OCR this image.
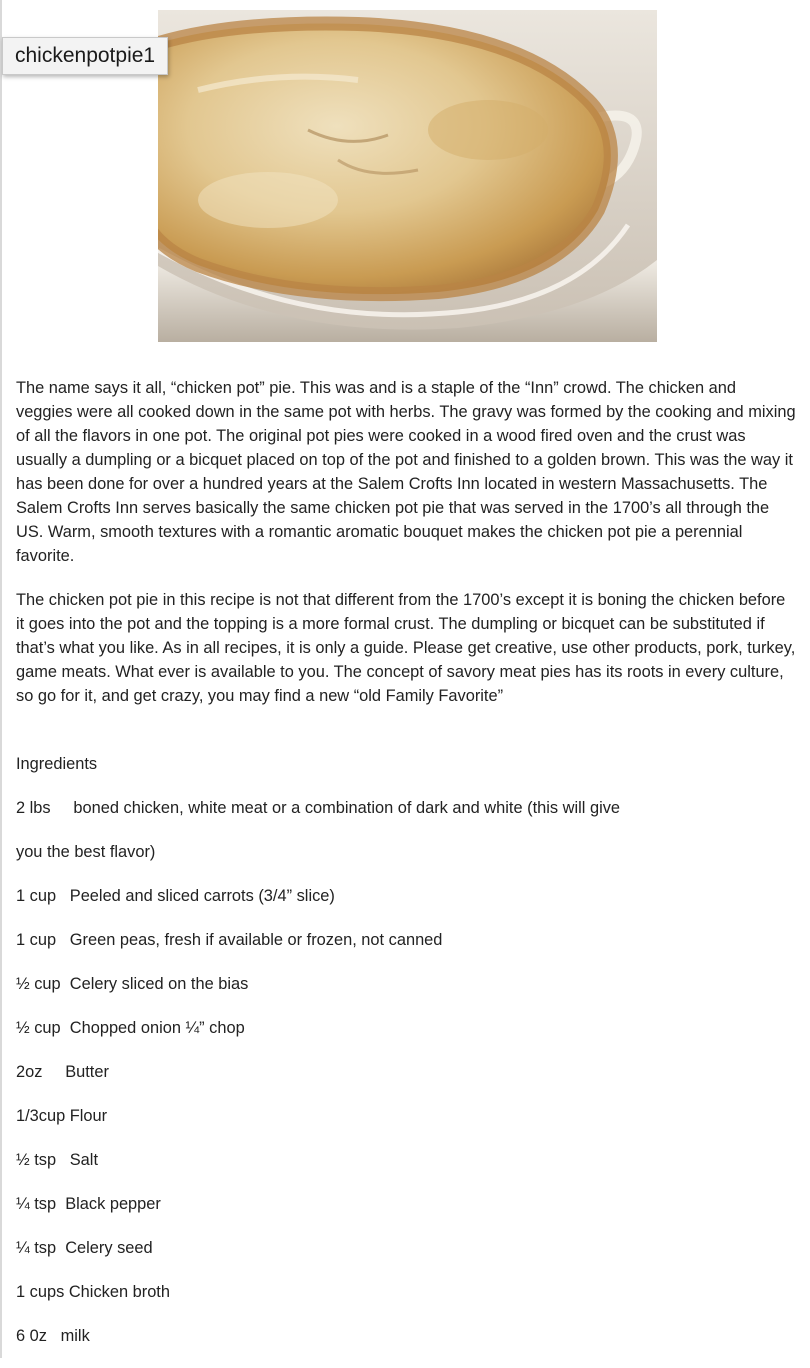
chickenpotpie1

The name says it all, “chicken pot” pie. This was and is a staple of the “Inn” crowd. The chicken and veggies were all cooked down in the same pot with herbs. The gravy was formed by the cooking and mixing of all the flavors in one pot. The original pot pies were cooked in a wood fired oven and the crust was usually a dumpling or a bicquet placed on top of the pot and finished to a golden brown. This was the way it has been done for over a hundred years at the Salem Crofts Inn located in western Massachusetts. The Salem Crofts Inn serves basically the same chicken pot pie that was served in the 1700’s all through the US. Warm, smooth textures with a romantic aromatic bouquet makes the chicken pot pie a perennial favorite.

The chicken pot pie in this recipe is not that different from the 1700’s except it is boning the chicken before it goes into the pot and the topping is a more formal crust. The dumpling or bicquet can be substituted if that’s what you like. As in all recipes, it is only a guide. Please get creative, use other products, pork, turkey, game meats. What ever is available to you. The concept of savory meat pies has its roots in every culture, so go for it, and get crazy, you may find a new “old Family Favorite”

Ingredients

2 lbs     boned chicken, white meat or a combination of dark and white (this will give
you the best flavor)
1 cup   Peeled and sliced carrots (3/4” slice)
1 cup   Green peas, fresh if available or frozen, not canned
½ cup  Celery sliced on the bias
½ cup  Chopped onion ¼” chop
2oz     Butter
1/3cup Flour
½ tsp   Salt
¼ tsp  Black pepper
¼ tsp  Celery seed
1 cups Chicken broth
6 0z   milk
